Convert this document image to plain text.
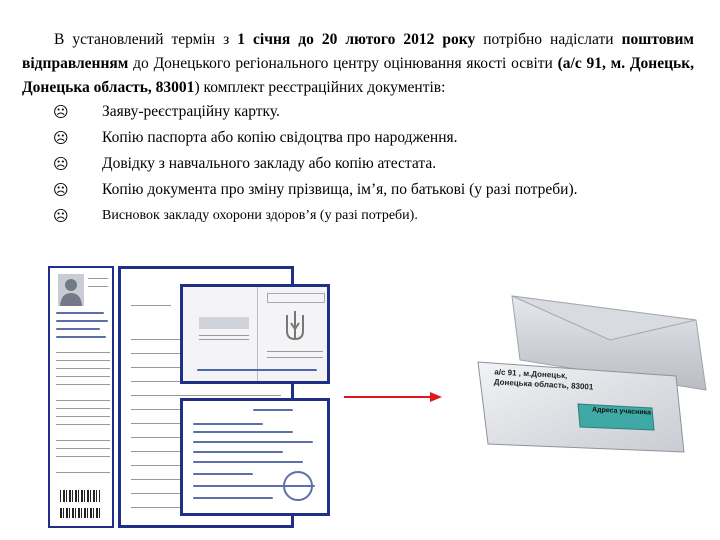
В установлений термін з 1 січня до 20 лютого 2012 року потрібно надіслати поштовим відправленням до Донецького регіонального центру оцінювання якості освіти (а/с 91, м. Донецьк, Донецька область, 83001) комплект реєстраційних документів:

☹ Заяву-реєстраційну картку.
☹ Копію паспорта або копію свідоцтва про народження.
☹ Довідку з навчального закладу або копію атестата.
☹ Копію документа про зміну прізвища, ім’я, по батькові (у разі потреби).
☹ Висновок закладу охорони здоров’я (у разі потреби).
а/с 91 , м.Донецьк,
Донецька область, 83001
Адреса учасника
